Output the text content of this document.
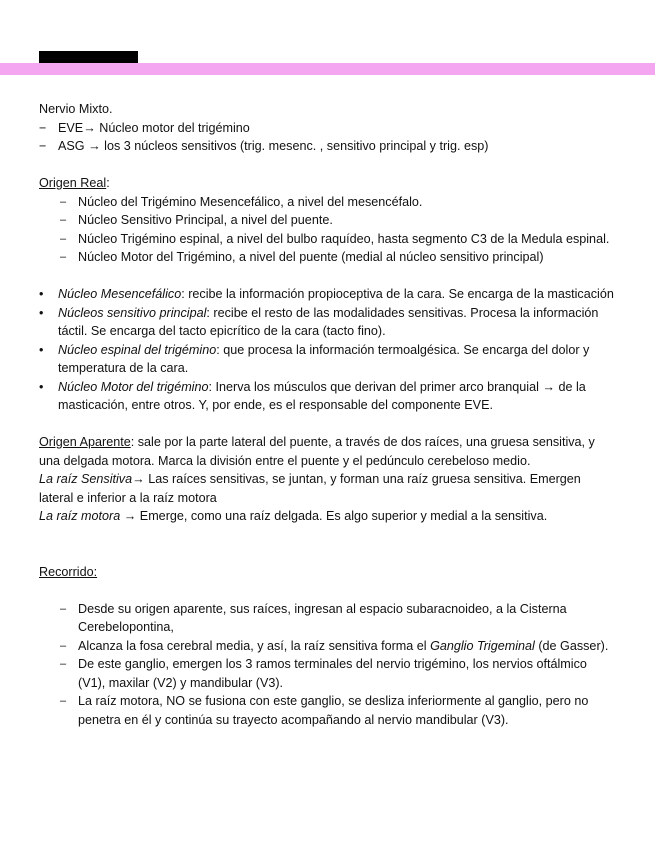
Nervio Mixto.

− EVE→ Núcleo motor del trigémino
− ASG → los 3 núcleos sensitivos (trig. mesenc. , sensitivo principal y trig. esp)

Origen Real:

– Núcleo del Trigémino Mesencefálico, a nivel del mesencéfalo.
– Núcleo Sensitivo Principal, a nivel del puente.
– Núcleo Trigémino espinal, a nivel del bulbo raquídeo, hasta segmento C3 de la Medula espinal.
– Núcleo Motor del Trigémino, a nivel del puente (medial al núcleo sensitivo principal)
• Núcleo Mesencefálico: recibe la información propioceptiva de la cara. Se encarga de la masticación
• Núcleos sensitivo principal: recibe el resto de las modalidades sensitivas. Procesa la información táctil. Se encarga del tacto epicrítico de la cara (tacto fino).
• Núcleo espinal del trigémino: que procesa la información termoalgésica. Se encarga del dolor y temperatura de la cara.
• Núcleo Motor del trigémino: Inerva los músculos que derivan del primer arco branquial → de la masticación, entre otros. Y, por ende, es el responsable del componente EVE.

Origen Aparente: sale por la parte lateral del puente, a través de dos raíces, una gruesa sensitiva, y una delgada motora. Marca la división entre el puente y el pedúnculo cerebeloso medio.

La raíz Sensitiva→ Las raíces sensitivas, se juntan, y forman una raíz gruesa sensitiva. Emergen lateral e inferior a la raíz motora

La raíz motora → Emerge, como una raíz delgada. Es algo superior y medial a la sensitiva.

Recorrido:

– Desde su origen aparente, sus raíces, ingresan al espacio subaracnoideo, a la Cisterna Cerebelopontina,
– Alcanza la fosa cerebral media, y así, la raíz sensitiva forma el Ganglio Trigeminal (de Gasser).
– De este ganglio, emergen los 3 ramos terminales del nervio trigémino, los nervios oftálmico (V1), maxilar (V2) y mandibular (V3).
– La raíz motora, NO se fusiona con este ganglio, se desliza inferiormente al ganglio, pero no penetra en él y continúa su trayecto acompañando al nervio mandibular (V3).
